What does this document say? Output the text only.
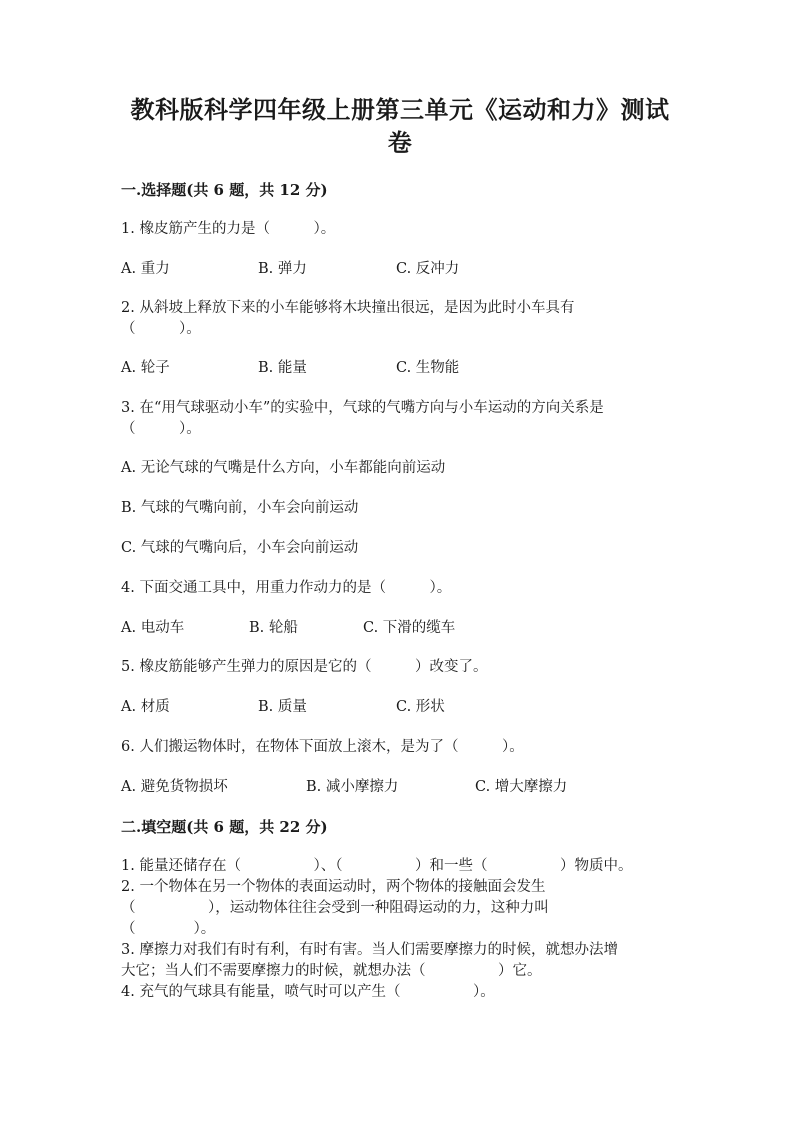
教科版科学四年级上册第三单元《运动和力》测试
卷
一.选择题(共 6 题，共 12 分)
1. 橡皮筋产生的力是（　　　）。
A. 重力	B. 弹力	C. 反冲力
2. 从斜坡上释放下来的小车能够将木块撞出很远，是因为此时小车具有
（　　　）。
A. 轮子	B. 能量	C. 生物能
3. 在“用气球驱动小车”的实验中，气球的气嘴方向与小车运动的方向关系是
（　　　）。
A. 无论气球的气嘴是什么方向，小车都能向前运动
B. 气球的气嘴向前，小车会向前运动
C. 气球的气嘴向后，小车会向前运动
4. 下面交通工具中，用重力作动力的是（　　　）。
A. 电动车	B. 轮船	C. 下滑的缆车
5. 橡皮筋能够产生弹力的原因是它的（　　　）改变了。
A. 材质	B. 质量	C. 形状
6. 人们搬运物体时，在物体下面放上滚木，是为了（　　　）。
A. 避免货物损坏	B. 减小摩擦力	C. 增大摩擦力
二.填空题(共 6 题，共 22 分)
1. 能量还储存在（　　　　　）、（　　　　　）和一些（　　　　　）物质中。
2. 一个物体在另一个物体的表面运动时，两个物体的接触面会发生
（　　　　　），运动物体往往会受到一种阻碍运动的力，这种力叫
（　　　　）。
3. 摩擦力对我们有时有利，有时有害。当人们需要摩擦力的时候，就想办法增
大它；当人们不需要摩擦力的时候，就想办法（　　　　　）它。
4. 充气的气球具有能量，喷气时可以产生（　　　　　）。
